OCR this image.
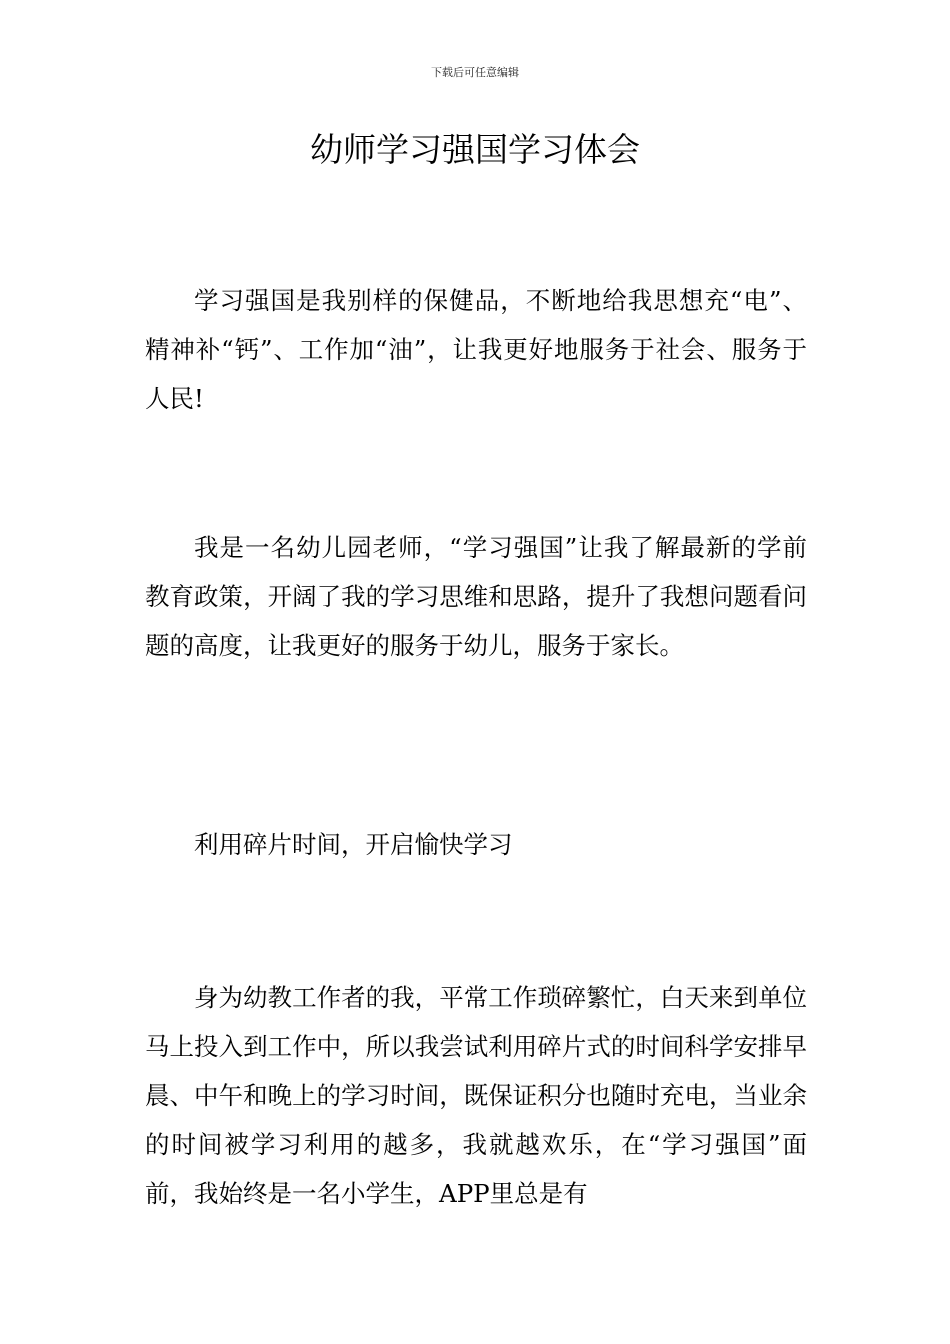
下载后可任意编辑
幼师学习强国学习体会

学习强国是我别样的保健品，不断地给我思想充“电”、精神补“钙”、工作加“油”，让我更好地服务于社会、服务于人民!

我是一名幼儿园老师，“学习强国”让我了解最新的学前教育政策，开阔了我的学习思维和思路，提升了我想问题看问题的高度，让我更好的服务于幼儿，服务于家长。

利用碎片时间，开启愉快学习

身为幼教工作者的我，平常工作琐碎繁忙，白天来到单位马上投入到工作中，所以我尝试利用碎片式的时间科学安排早晨、中午和晚上的学习时间，既保证积分也随时充电，当业余的时间被学习利用的越多，我就越欢乐，在“学习强国”面前，我始终是一名小学生，APP里总是有
